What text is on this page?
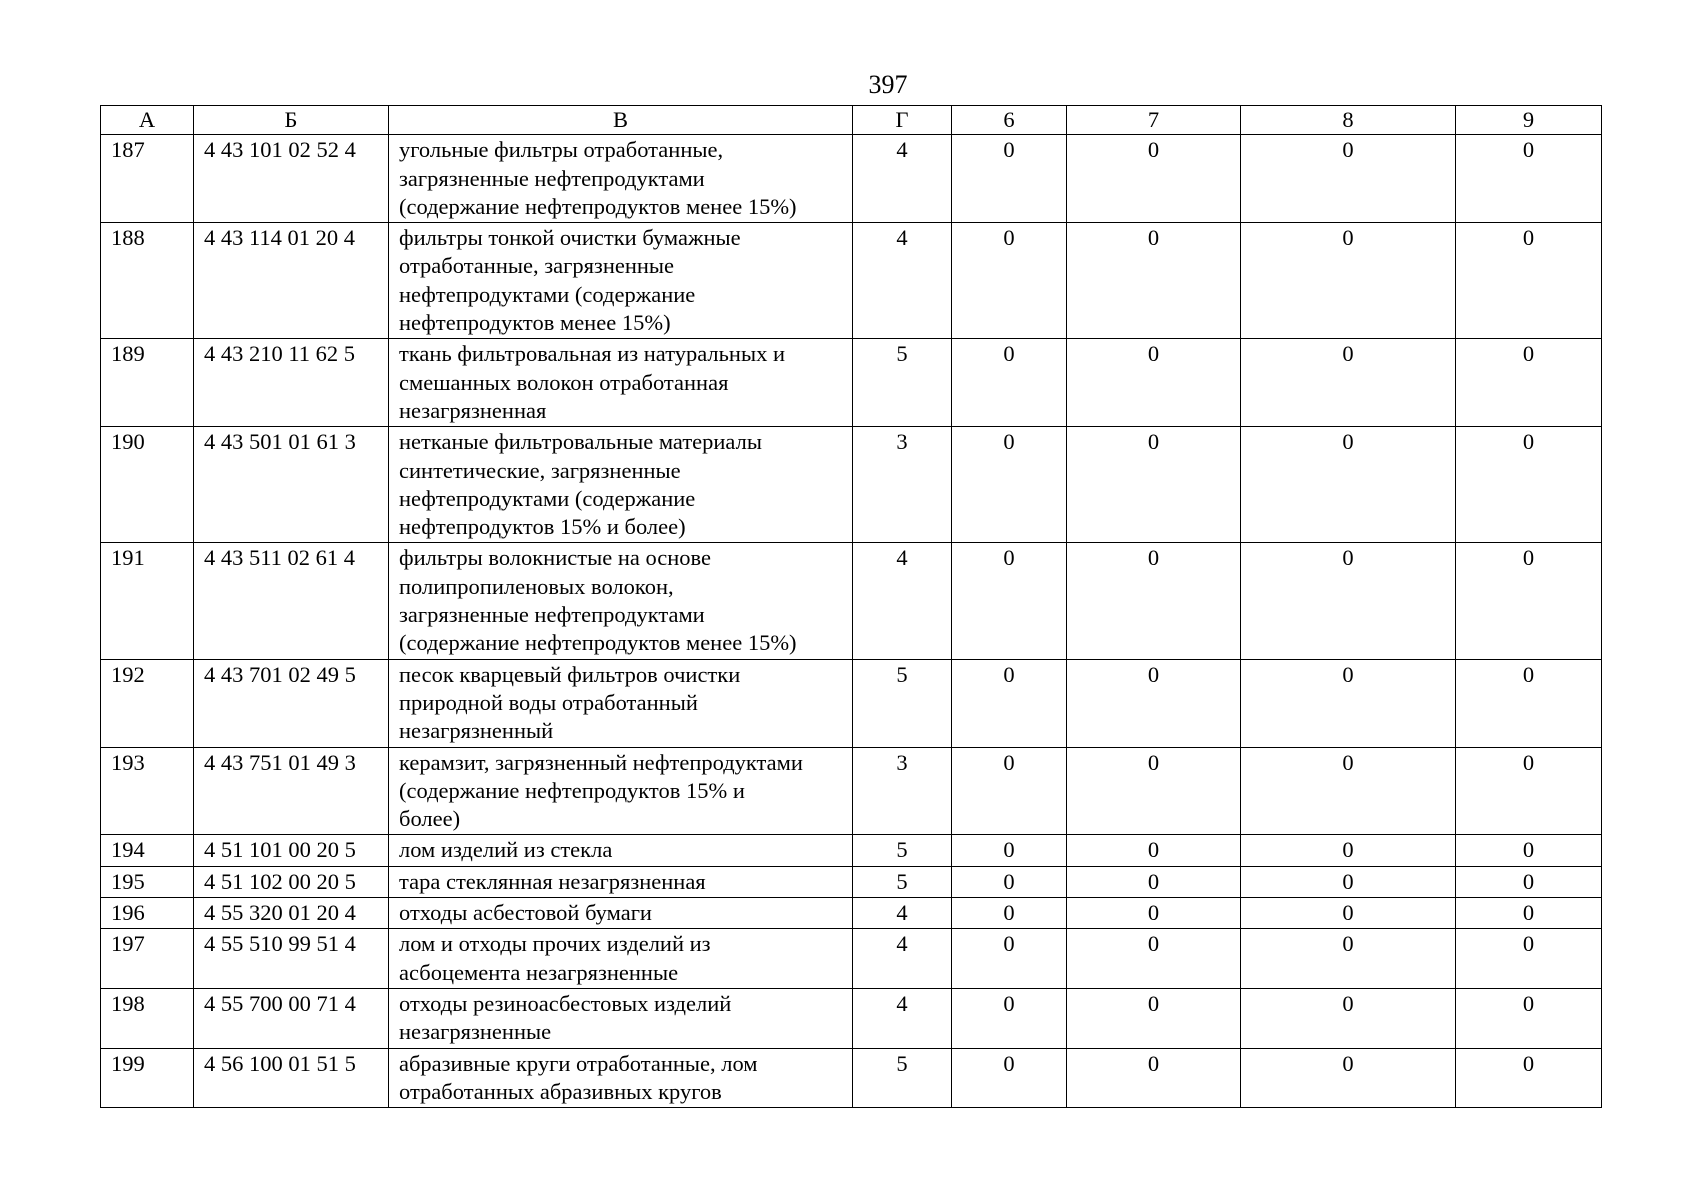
397
А	Б	В	Г	6	7	8	9
187	4 43 101 02 52 4	угольные фильтры отработанные,
загрязненные нефтепродуктами
(содержание нефтепродуктов менее 15%)	4	0	0	0	0
188	4 43 114 01 20 4	фильтры тонкой очистки бумажные
отработанные, загрязненные
нефтепродуктами (содержание
нефтепродуктов менее 15%)	4	0	0	0	0
189	4 43 210 11 62 5	ткань фильтровальная из натуральных и
смешанных волокон отработанная
незагрязненная	5	0	0	0	0
190	4 43 501 01 61 3	нетканые фильтровальные материалы
синтетические, загрязненные
нефтепродуктами (содержание
нефтепродуктов 15% и более)	3	0	0	0	0
191	4 43 511 02 61 4	фильтры волокнистые на основе
полипропиленовых волокон,
загрязненные нефтепродуктами
(содержание нефтепродуктов менее 15%)	4	0	0	0	0
192	4 43 701 02 49 5	песок кварцевый фильтров очистки
природной воды отработанный
незагрязненный	5	0	0	0	0
193	4 43 751 01 49 3	керамзит, загрязненный нефтепродуктами
(содержание нефтепродуктов 15% и
более)	3	0	0	0	0
194	4 51 101 00 20 5	лом изделий из стекла	5	0	0	0	0
195	4 51 102 00 20 5	тара стеклянная незагрязненная	5	0	0	0	0
196	4 55 320 01 20 4	отходы асбестовой бумаги	4	0	0	0	0
197	4 55 510 99 51 4	лом и отходы прочих изделий из
асбоцемента незагрязненные	4	0	0	0	0
198	4 55 700 00 71 4	отходы резиноасбестовых изделий
незагрязненные	4	0	0	0	0
199	4 56 100 01 51 5	абразивные круги отработанные, лом
отработанных абразивных кругов	5	0	0	0	0
